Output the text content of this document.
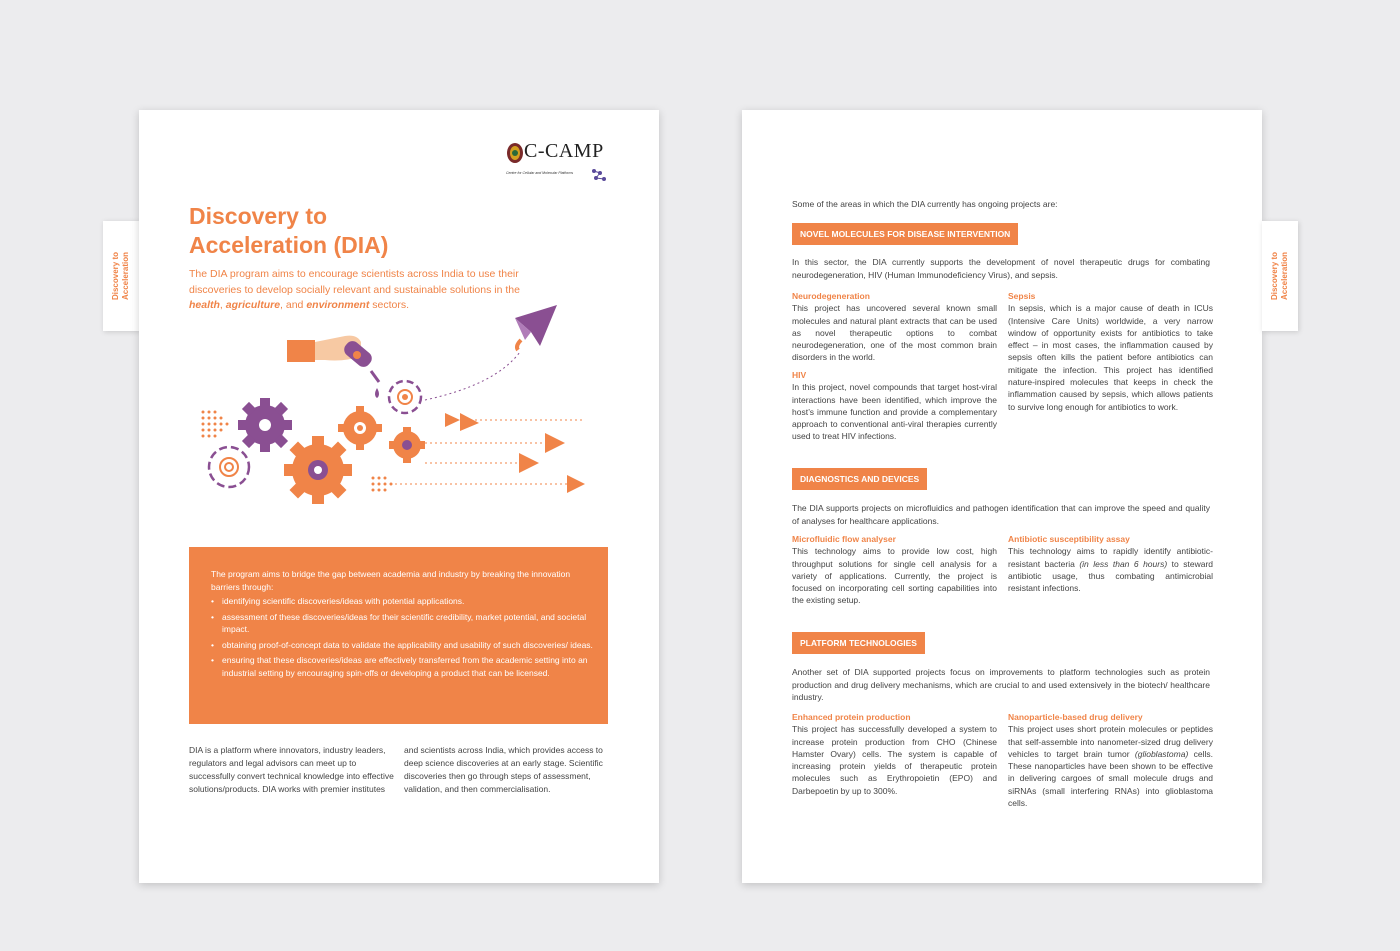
Discovery to Acceleration
C-CAMP
Centre for Cellular and Molecular Platforms
Discovery to
Acceleration (DIA)
The DIA program aims to encourage scientists across India to use their discoveries to develop socially relevant and sustainable solutions in the health, agriculture, and environment sectors.
The program aims to bridge the gap between academia and industry by breaking the innovation barriers through:
• identifying scientific discoveries/ideas with potential applications.
• assessment of these discoveries/ideas for their scientific credibility, market potential, and societal impact.
• obtaining proof-of-concept data to validate the applicability and usability of such discoveries/ ideas.
• ensuring that these discoveries/ideas are effectively transferred from the academic setting into an industrial setting by encouraging spin-offs or developing a product that can be licensed.
DIA is a platform where innovators, industry leaders, regulators and legal advisors can meet up to successfully convert technical knowledge into effective solutions/products. DIA works with premier institutes
and scientists across India, which provides access to deep science discoveries at an early stage. Scientific discoveries then go through steps of assessment, validation, and then commercialisation.
Some of the areas in which the DIA currently has ongoing projects are:
NOVEL MOLECULES FOR DISEASE INTERVENTION
In this sector, the DIA currently supports the development of novel therapeutic drugs for combating neurodegeneration, HIV (Human Immunodeficiency Virus), and sepsis.
Neurodegeneration
This project has uncovered several known small molecules and natural plant extracts that can be used as novel therapeutic options to combat neurodegeneration, one of the most common brain disorders in the world.
HIV
In this project, novel compounds that target host-viral interactions have been identified, which improve the host’s immune function and provide a complementary approach to conventional anti-viral therapies currently used to treat HIV infections.
Sepsis
In sepsis, which is a major cause of death in ICUs (Intensive Care Units) worldwide, a very narrow window of opportunity exists for antibiotics to take effect – in most cases, the inflammation caused by sepsis often kills the patient before antibiotics can mitigate the infection. This project has identified nature-inspired molecules that keeps in check the inflammation caused by sepsis, which allows patients to survive long enough for antibiotics to work.
DIAGNOSTICS AND DEVICES
The DIA supports projects on microfluidics and pathogen identification that can improve the speed and quality of analyses for healthcare applications.
Microfluidic flow analyser
This technology aims to provide low cost, high throughput solutions for single cell analysis for a variety of applications. Currently, the project is focused on incorporating cell sorting capabilities into the existing setup.
Antibiotic susceptibility assay
This technology aims to rapidly identify antibiotic-resistant bacteria (in less than 6 hours) to steward antibiotic usage, thus combating antimicrobial resistant infections.
PLATFORM TECHNOLOGIES
Another set of DIA supported projects focus on improvements to platform technologies such as protein production and drug delivery mechanisms, which are crucial to and used extensively in the biotech/ healthcare industry.
Enhanced protein production
This project has successfully developed a system to increase protein production from CHO (Chinese Hamster Ovary) cells. The system is capable of increasing protein yields of therapeutic protein molecules such as Erythropoietin (EPO) and Darbepoetin by up to 300%.
Nanoparticle-based drug delivery
This project uses short protein molecules or peptides that self-assemble into nanometer-sized drug delivery vehicles to target brain tumor (glioblastoma) cells. These nanoparticles have been shown to be effective in delivering cargoes of small molecule drugs and siRNAs (small interfering RNAs) into glioblastoma cells.
Discovery to Acceleration
